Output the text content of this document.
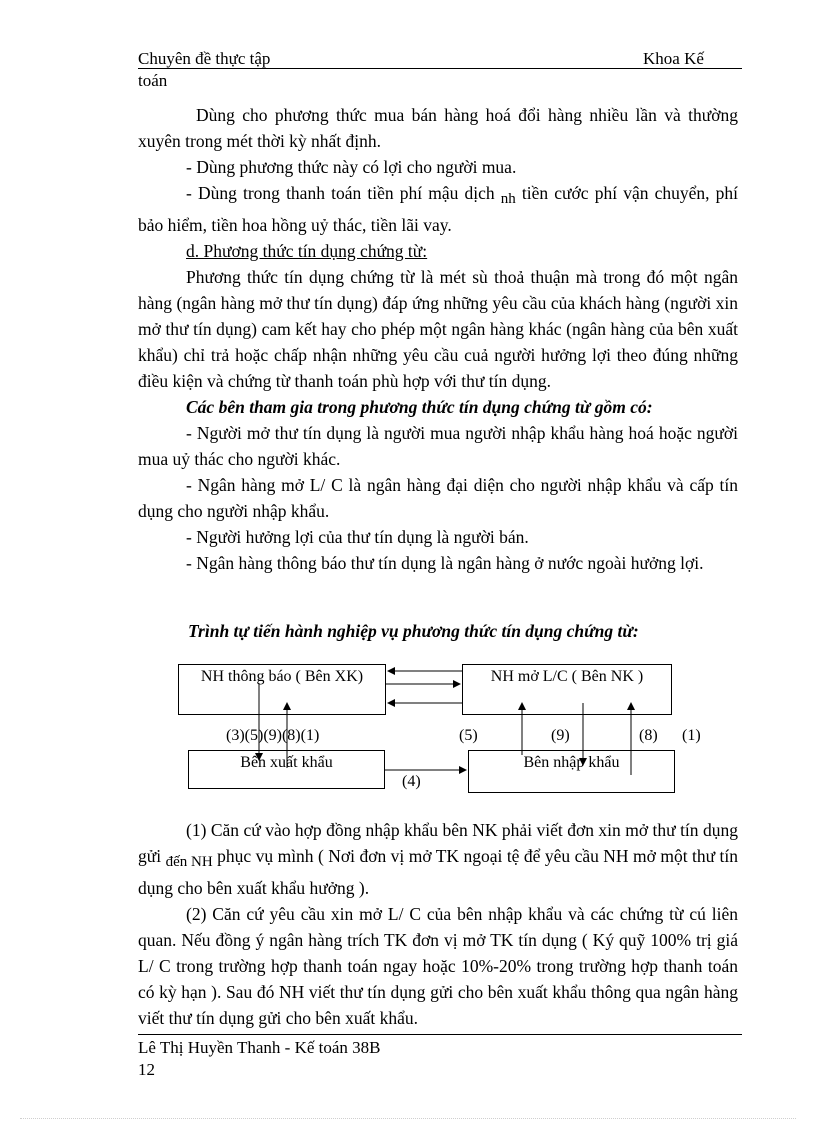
Chuyên đề thực tập	Khoa Kế
toán

Dùng cho phương thức mua bán hàng hoá đổi hàng nhiều lần và thường xuyên trong mét thời kỳ nhất định.

- Dùng phương thức này có lợi cho người mua.

- Dùng trong thanh toán tiền phí mậu dịch nh tiền cước phí vận chuyển, phí bảo hiểm, tiền hoa hồng uỷ thác, tiền lãi vay.

d. Phương thức tín dụng chứng từ:

Phương thức tín dụng chứng từ là mét sù thoả thuận mà trong đó một ngân hàng (ngân hàng mở thư tín dụng) đáp ứng những yêu cầu của khách hàng (người xin mở thư tín dụng) cam kết hay cho phép một ngân hàng khác (ngân hàng của bên xuất khẩu) chỉ trả hoặc chấp nhận những yêu cầu cuả người hưởng lợi theo đúng những điều kiện và chứng từ thanh toán phù hợp với thư tín dụng.

Các bên tham gia trong phương thức tín dụng chứng từ gồm có:

- Người mở thư tín dụng là người mua người nhập khẩu hàng hoá hoặc người mua uỷ thác cho người khác.

- Ngân hàng mở L/ C là ngân hàng đại diện cho người nhập khẩu và cấp tín dụng cho người nhập khẩu.

- Người hưởng lợi của thư tín dụng là người bán.

- Ngân hàng thông báo thư tín dụng là ngân hàng ở nước ngoài hưởng lợi.

Trình tự tiến hành nghiệp vụ phương thức tín dụng chứng từ:
NH thông báo ( Bên XK)	NH mở L/C ( Bên NK )
Bên xuất khẩu	Bên nhập khẩu
(3)(5)(9)(8)(1)	(5)	(9)	(8) (1)
(4)

(1) Căn cứ vào hợp đồng nhập khẩu bên NK phải viết đơn xin mở thư tín dụng gửi đến NH phục vụ mình ( Nơi đơn vị mở TK ngoại tệ để yêu cầu NH mở một thư tín dụng cho bên xuất khẩu hưởng ).

(2) Căn cứ yêu cầu xin mở L/ C của bên nhập khẩu và các chứng từ cú liên quan. Nếu đồng ý ngân hàng trích TK đơn vị mở TK tín dụng ( Ký quỹ 100% trị giá L/ C trong trường hợp thanh toán ngay hoặc 10%-20% trong trường hợp thanh toán có kỳ hạn ). Sau đó NH viết thư tín dụng gửi cho bên xuất khẩu thông qua ngân hàng viết thư tín dụng gửi cho bên xuất khẩu.

Lê Thị Huyền Thanh - Kế toán 38B
12
